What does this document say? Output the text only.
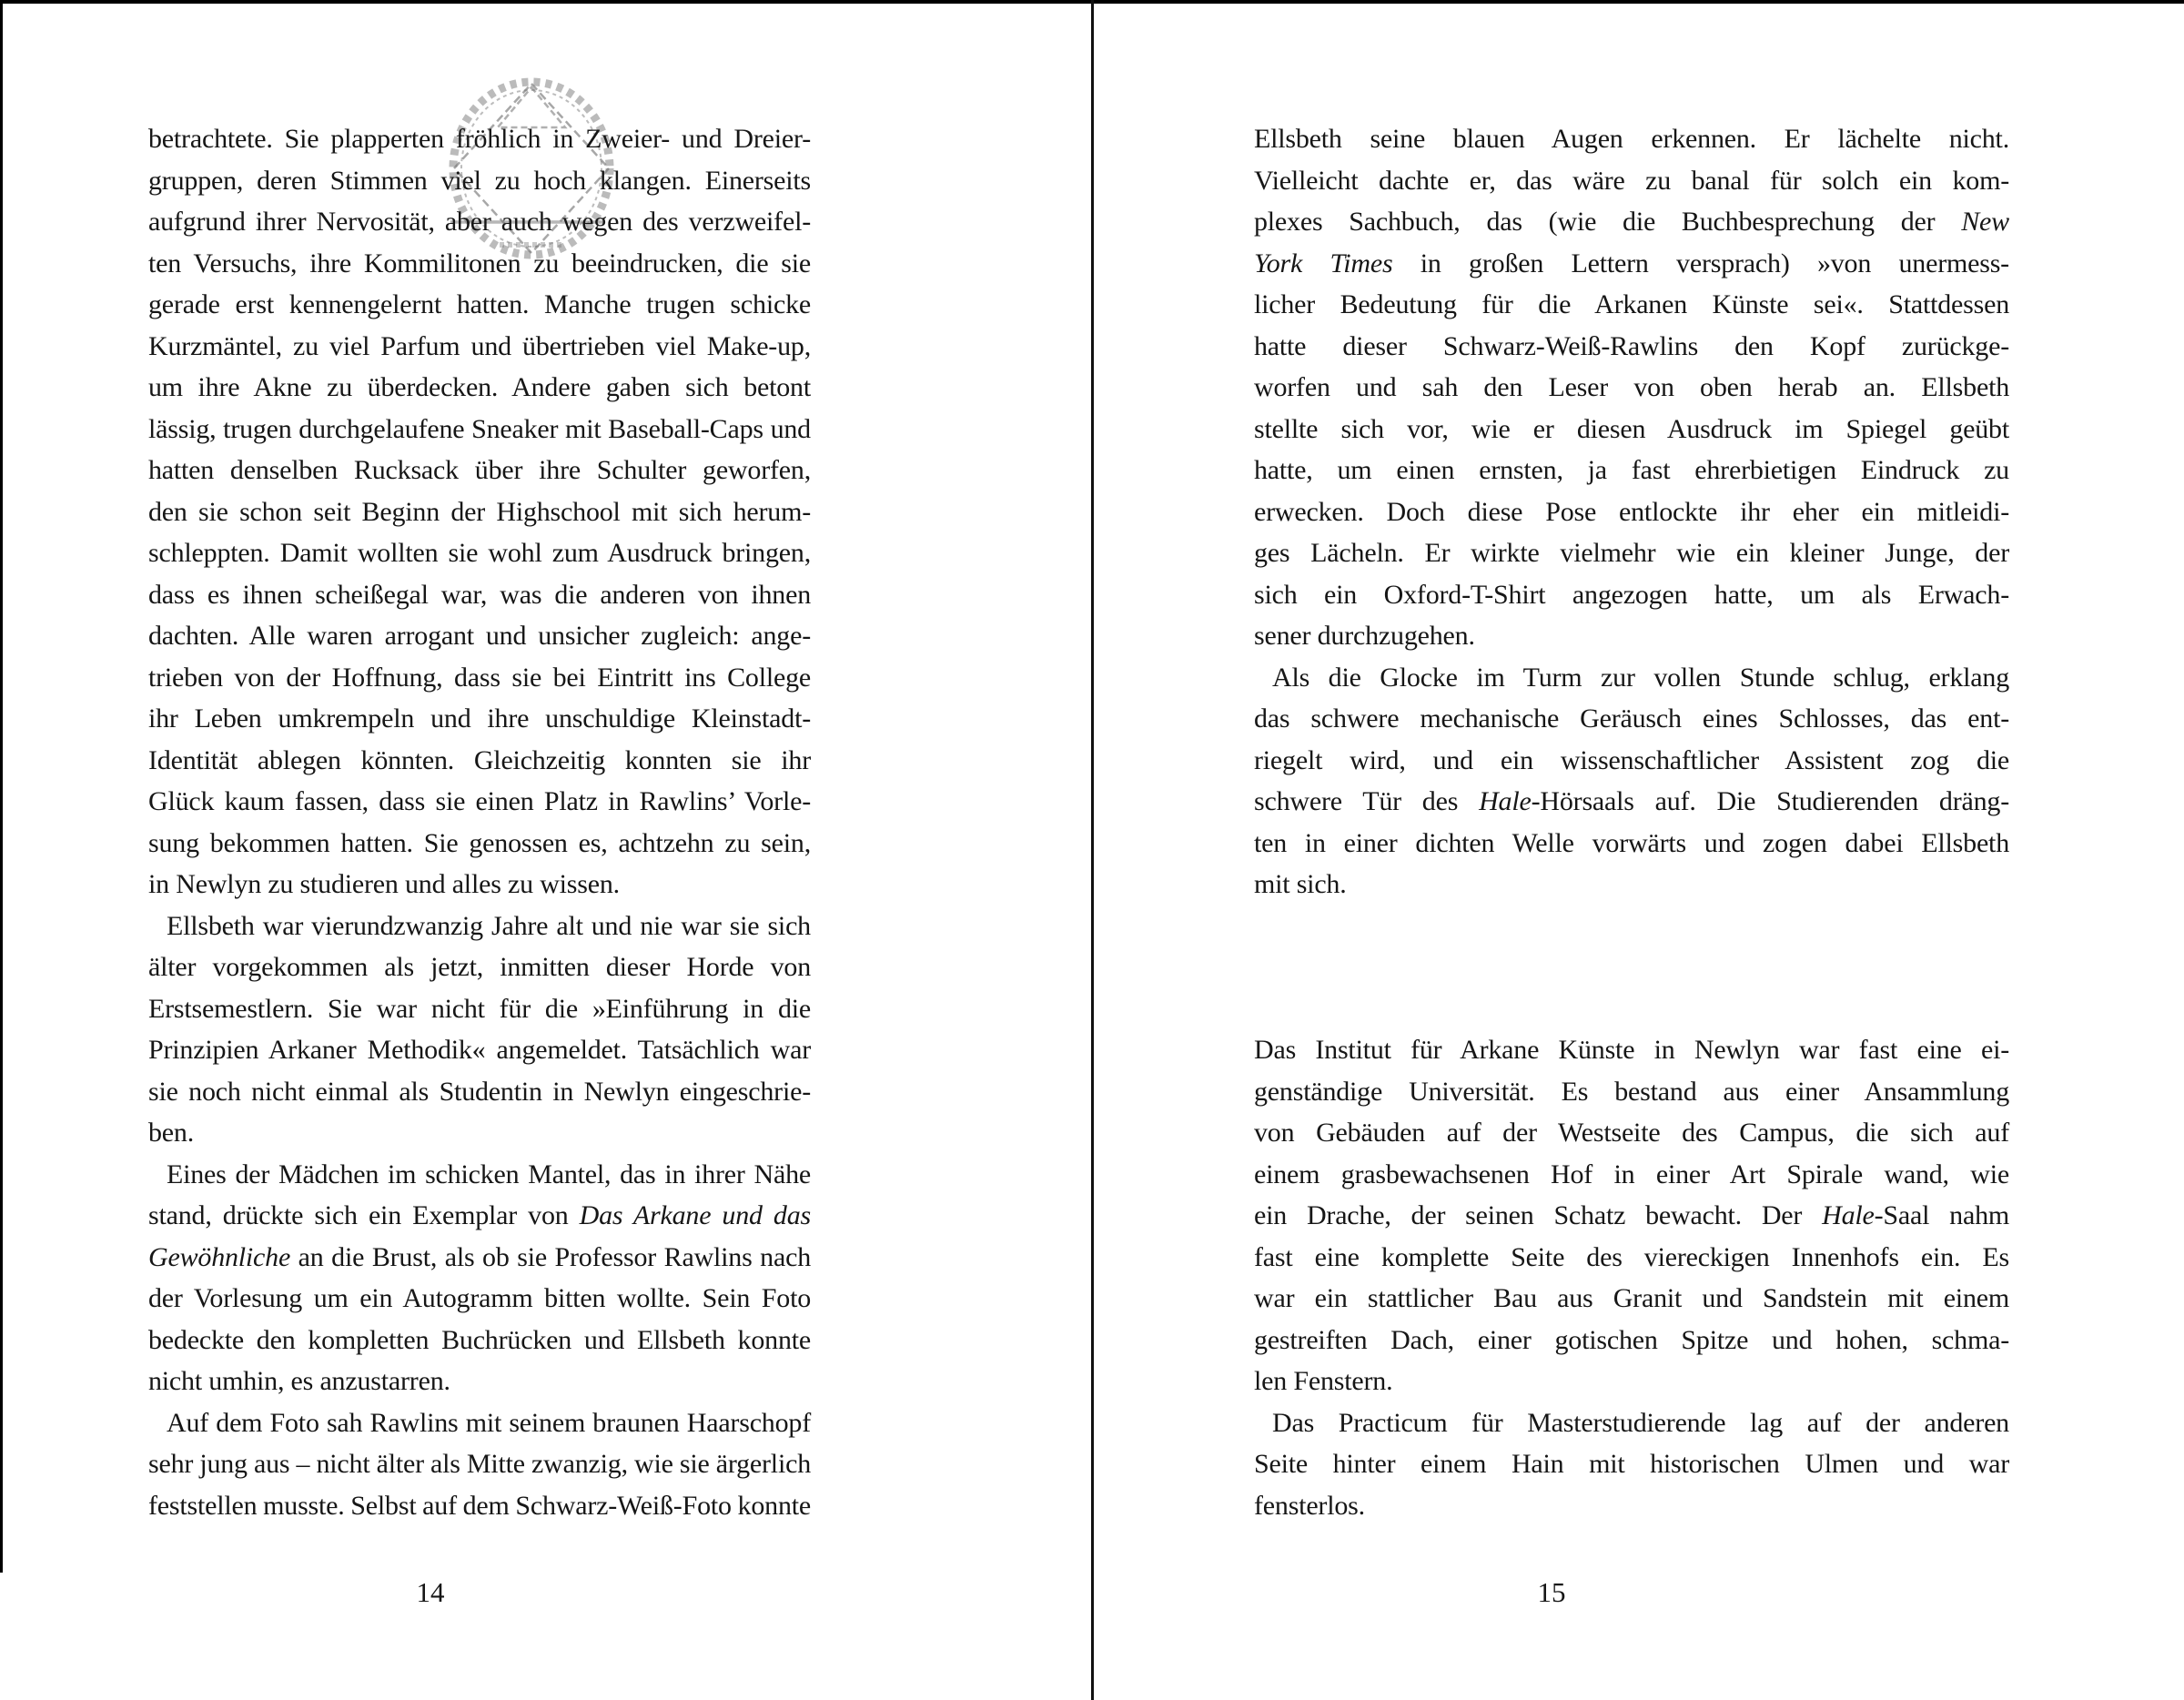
betrachtete. Sie plapperten fröhlich in Zweier- und Dreier-
gruppen, deren Stimmen viel zu hoch klangen. Einerseits
aufgrund ihrer Nervosität, aber auch wegen des verzweifel-
ten Versuchs, ihre Kommilitonen zu beeindrucken, die sie
gerade erst kennengelernt hatten. Manche trugen schicke
Kurzmäntel, zu viel Parfum und übertrieben viel Make-up,
um ihre Akne zu überdecken. Andere gaben sich betont
lässig, trugen durchgelaufene Sneaker mit Baseball-Caps und
hatten denselben Rucksack über ihre Schulter geworfen,
den sie schon seit Beginn der Highschool mit sich herum-
schleppten. Damit wollten sie wohl zum Ausdruck bringen,
dass es ihnen scheißegal war, was die anderen von ihnen
dachten. Alle waren arrogant und unsicher zugleich: ange-
trieben von der Hoffnung, dass sie bei Eintritt ins College
ihr Leben umkrempeln und ihre unschuldige Kleinstadt-
Identität ablegen könnten. Gleichzeitig konnten sie ihr
Glück kaum fassen, dass sie einen Platz in Rawlins’ Vorle-
sung bekommen hatten. Sie genossen es, achtzehn zu sein,
in Newlyn zu studieren und alles zu wissen.
Ellsbeth war vierundzwanzig Jahre alt und nie war sie sich
älter vorgekommen als jetzt, inmitten dieser Horde von
Erstsemestlern. Sie war nicht für die »Einführung in die
Prinzipien Arkaner Methodik« angemeldet. Tatsächlich war
sie noch nicht einmal als Studentin in Newlyn eingeschrie-
ben.
Eines der Mädchen im schicken Mantel, das in ihrer Nähe
stand, drückte sich ein Exemplar von Das Arkane und das
Gewöhnliche an die Brust, als ob sie Professor Rawlins nach
der Vorlesung um ein Autogramm bitten wollte. Sein Foto
bedeckte den kompletten Buchrücken und Ellsbeth konnte
nicht umhin, es anzustarren.
Auf dem Foto sah Rawlins mit seinem braunen Haarschopf
sehr jung aus – nicht älter als Mitte zwanzig, wie sie ärgerlich
feststellen musste. Selbst auf dem Schwarz-Weiß-Foto konnte
14
Ellsbeth seine blauen Augen erkennen. Er lächelte nicht.
Vielleicht dachte er, das wäre zu banal für solch ein kom-
plexes Sachbuch, das (wie die Buchbesprechung der New
York Times in großen Lettern versprach) »von unermess-
licher Bedeutung für die Arkanen Künste sei«. Stattdessen
hatte dieser Schwarz-Weiß-Rawlins den Kopf zurückge-
worfen und sah den Leser von oben herab an. Ellsbeth
stellte sich vor, wie er diesen Ausdruck im Spiegel geübt
hatte, um einen ernsten, ja fast ehrerbietigen Eindruck zu
erwecken. Doch diese Pose entlockte ihr eher ein mitleidi-
ges Lächeln. Er wirkte vielmehr wie ein kleiner Junge, der
sich ein Oxford-T-Shirt angezogen hatte, um als Erwach-
sener durchzugehen.
Als die Glocke im Turm zur vollen Stunde schlug, erklang
das schwere mechanische Geräusch eines Schlosses, das ent-
riegelt wird, und ein wissenschaftlicher Assistent zog die
schwere Tür des Hale-Hörsaals auf. Die Studierenden dräng-
ten in einer dichten Welle vorwärts und zogen dabei Ellsbeth
mit sich.
Das Institut für Arkane Künste in Newlyn war fast eine ei-
genständige Universität. Es bestand aus einer Ansammlung
von Gebäuden auf der Westseite des Campus, die sich auf
einem grasbewachsenen Hof in einer Art Spirale wand, wie
ein Drache, der seinen Schatz bewacht. Der Hale-Saal nahm
fast eine komplette Seite des viereckigen Innenhofs ein. Es
war ein stattlicher Bau aus Granit und Sandstein mit einem
gestreiften Dach, einer gotischen Spitze und hohen, schma-
len Fenstern.
Das Practicum für Masterstudierende lag auf der anderen
Seite hinter einem Hain mit historischen Ulmen und war
fensterlos.
15
